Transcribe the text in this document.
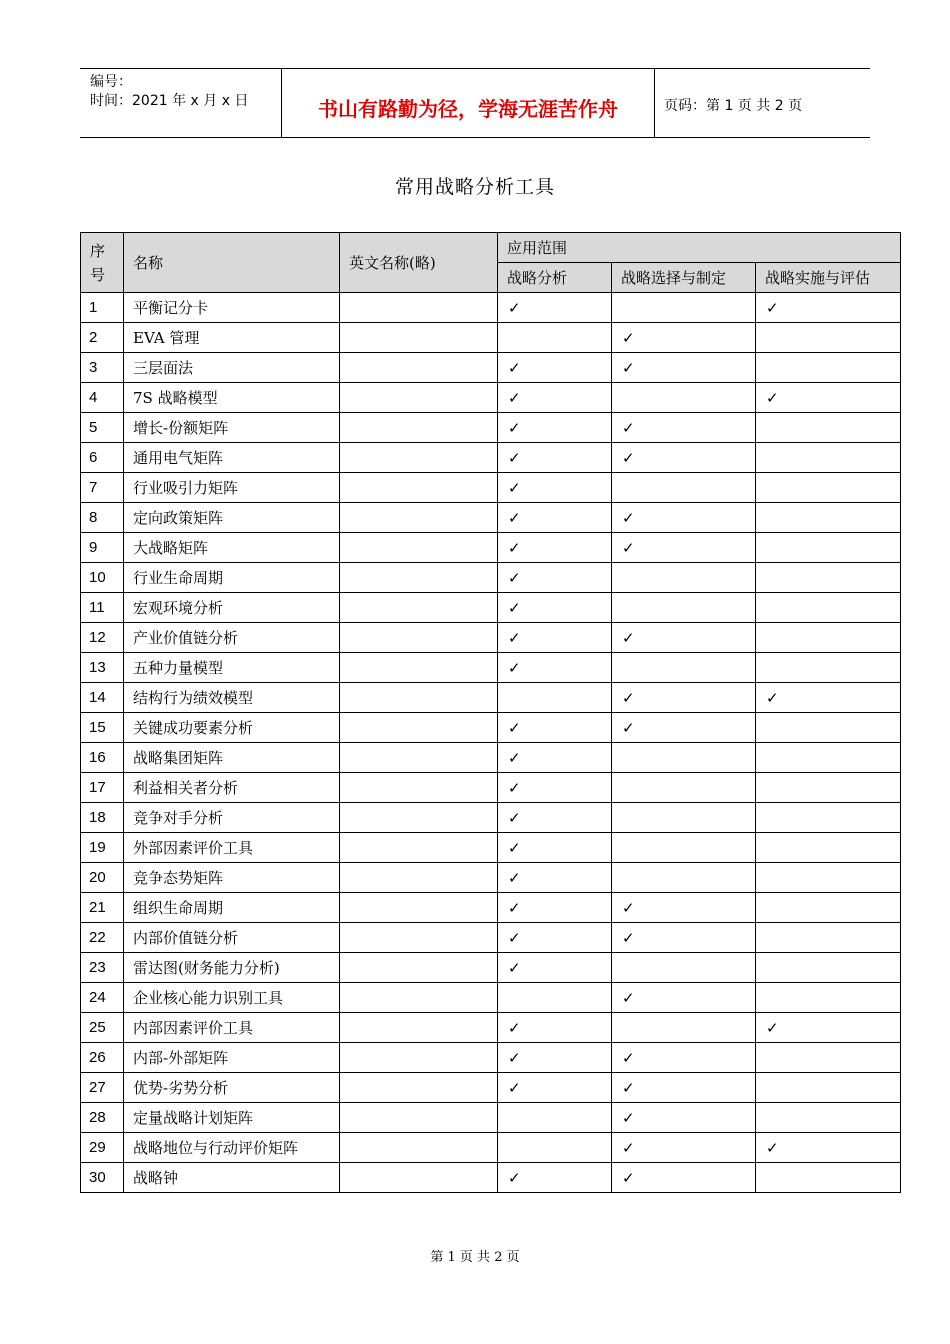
编号：
时间：2021 年 x 月 x 日	书山有路勤为径，学海无涯苦作舟	页码：第 1 页 共 2 页
常用战略分析工具
序
号	名称	英文名称(略)	应用范围		
			战略分析	战略选择与制定	战略实施与评估
1	平衡记分卡		✓		✓
2	EVA 管理			✓	
3	三层面法		✓	✓	
4	7S 战略模型		✓		✓
5	增长-份额矩阵		✓	✓	
6	通用电气矩阵		✓	✓	
7	行业吸引力矩阵		✓		
8	定向政策矩阵		✓	✓	
9	大战略矩阵		✓	✓	
10	行业生命周期		✓		
11	宏观环境分析		✓		
12	产业价值链分析		✓	✓	
13	五种力量模型		✓		
14	结构行为绩效模型			✓	✓
15	关键成功要素分析		✓	✓	
16	战略集团矩阵		✓		
17	利益相关者分析		✓		
18	竞争对手分析		✓		
19	外部因素评价工具		✓		
20	竞争态势矩阵		✓		
21	组织生命周期		✓	✓	
22	内部价值链分析		✓	✓	
23	雷达图(财务能力分析)		✓		
24	企业核心能力识别工具			✓	
25	内部因素评价工具		✓		✓
26	内部-外部矩阵		✓	✓	
27	优势-劣势分析		✓	✓	
28	定量战略计划矩阵			✓	
29	战略地位与行动评价矩阵			✓	✓
30	战略钟		✓	✓	
第 1 页 共 2 页
